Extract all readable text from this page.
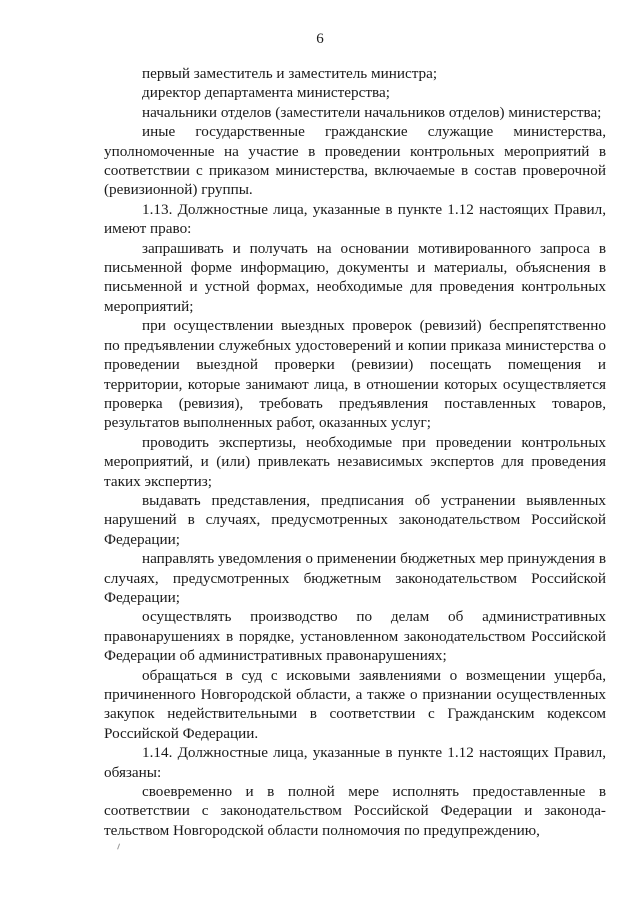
6

первый заместитель и заместитель министра;

директор департамента министерства;

начальники отделов (заместители начальников отделов) министерства;

иные государственные гражданские служащие министерства, уполномоченные на участие в проведении контрольных мероприятий в соответствии с приказом министерства, включаемые в состав проверочной (ревизионной) группы.

1.13. Должностные лица, указанные в пункте 1.12 настоящих Правил, имеют право:

запрашивать и получать на основании мотивированного запроса в письменной форме информацию, документы и материалы, объяснения в письменной и устной формах, необходимые для проведения контрольных мероприятий;

при осуществлении выездных проверок (ревизий) беспрепятственно по предъявлении служебных удостоверений и копии приказа министерства о проведении выездной проверки (ревизии) посещать помещения и территории, которые занимают лица, в отношении которых осуществляется проверка (ревизия), требовать предъявления поставленных товаров, результатов выполненных работ, оказанных услуг;

проводить экспертизы, необходимые при проведении контрольных мероприятий, и (или) привлекать независимых экспертов для проведения таких экспертиз;

выдавать представления, предписания об устранении выявленных нарушений в случаях, предусмотренных законодательством Российской Федерации;

направлять уведомления о применении бюджетных мер принуждения в случаях, предусмотренных бюджетным законодательством Российской Федерации;

осуществлять производство по делам об административных правонарушениях в порядке, установленном законодательством Российской Федерации об административных правонарушениях;

обращаться в суд с исковыми заявлениями о возмещении ущерба, причиненного Новгородской области, а также о признании осуществленных закупок недействительными в соответствии с Гражданским кодексом Российской Федерации.

1.14. Должностные лица, указанные в пункте 1.12 настоящих Правил, обязаны:

своевременно и в полной мере исполнять предоставленные в соответствии с законодательством Российской Федерации и законода-тельством Новгородской области полномочия по предупреждению,
